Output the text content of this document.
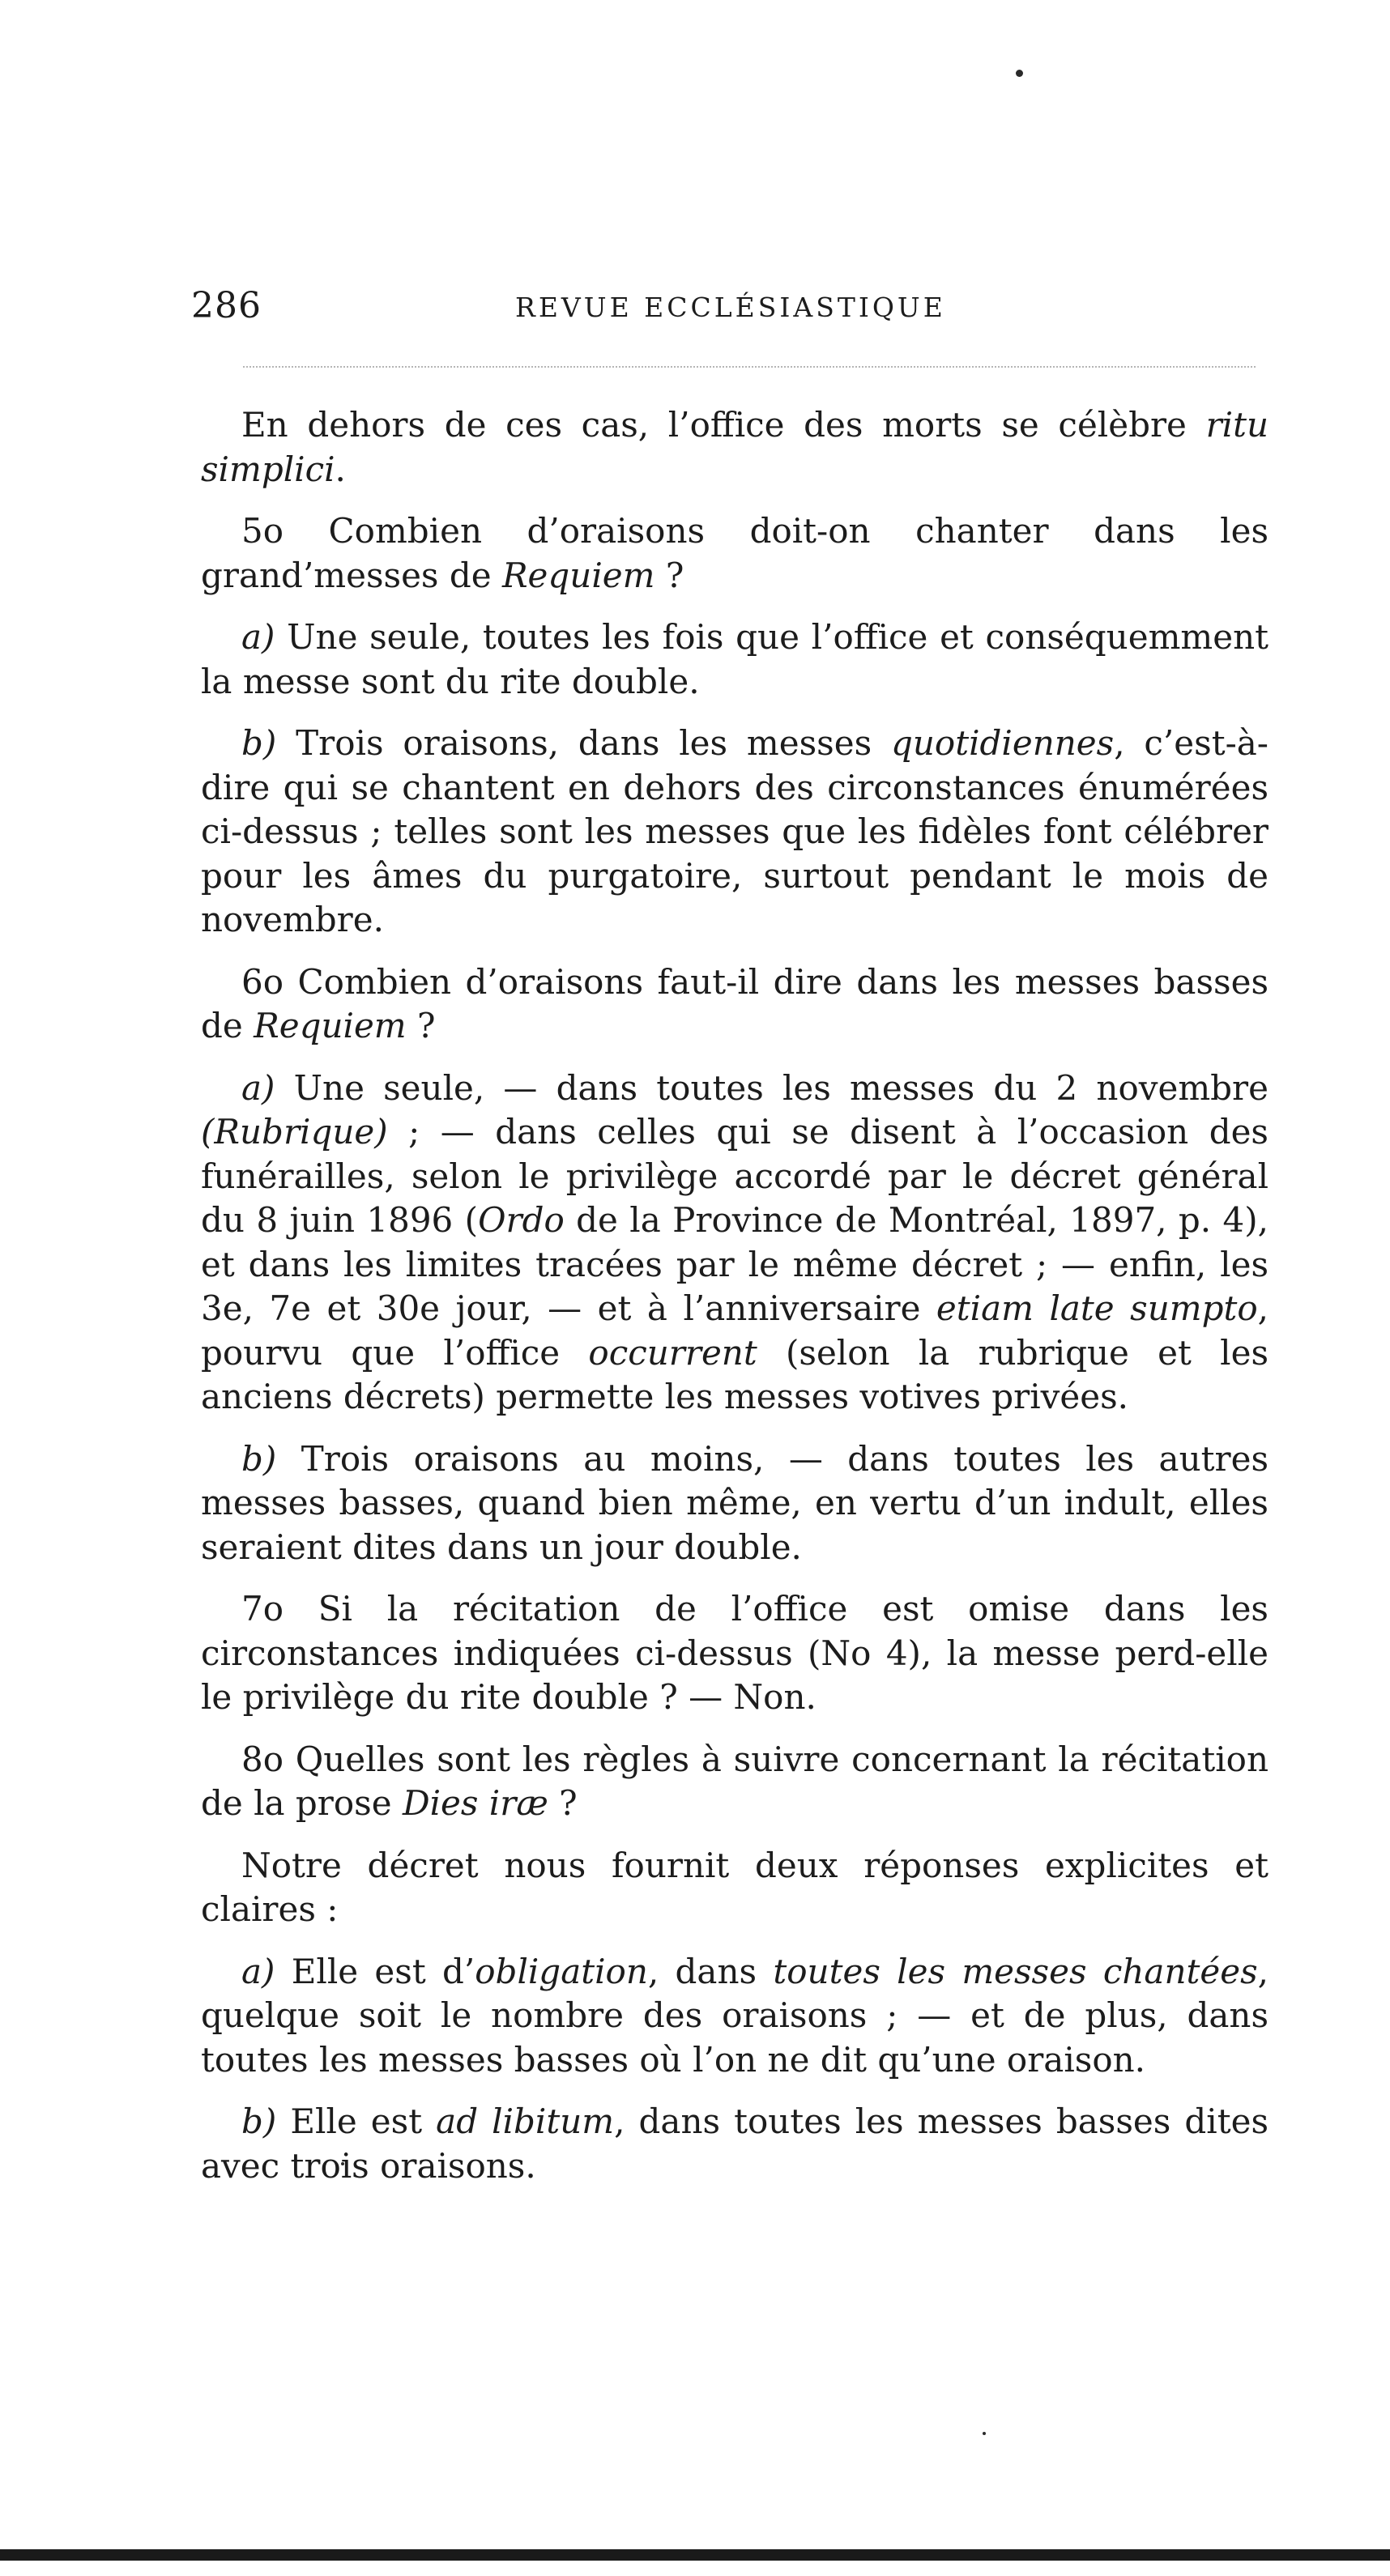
286	REVUE ECCLÉSIASTIQUE

En dehors de ces cas, l’office des morts se célèbre ritu simplici.

5o Combien d’oraisons doit-on chanter dans les grand’messes de Requiem ?

a) Une seule, toutes les fois que l’office et conséquemment la messe sont du rite double.

b) Trois oraisons, dans les messes quotidiennes, c’est-à-dire qui se chantent en dehors des circonstances énumérées ci-dessus ; telles sont les messes que les fidèles font célébrer pour les âmes du purgatoire, surtout pendant le mois de novembre.

6o Combien d’oraisons faut-il dire dans les messes basses de Requiem ?

a) Une seule, — dans toutes les messes du 2 novembre (Rubrique) ; — dans celles qui se disent à l’occasion des funérailles, selon le privilège accordé par le décret général du 8 juin 1896 (Ordo de la Province de Montréal, 1897, p. 4), et dans les limites tracées par le même décret ; — enfin, les 3e, 7e et 30e jour, — et à l’anniversaire etiam late sumpto, pourvu que l’office occurrent (selon la rubrique et les anciens décrets) permette les messes votives privées.

b) Trois oraisons au moins, — dans toutes les autres messes basses, quand bien même, en vertu d’un indult, elles seraient dites dans un jour double.

7o Si la récitation de l’office est omise dans les circonstances indiquées ci-dessus (No 4), la messe perd-elle le privilège du rite double ? — Non.

8o Quelles sont les règles à suivre concernant la récitation de la prose Dies iræ ?

Notre décret nous fournit deux réponses explicites et claires :

a) Elle est d’obligation, dans toutes les messes chantées, quelque soit le nombre des oraisons ; — et de plus, dans toutes les messes basses où l’on ne dit qu’une oraison.

b) Elle est ad libitum, dans toutes les messes basses dites avec trois oraisons.
